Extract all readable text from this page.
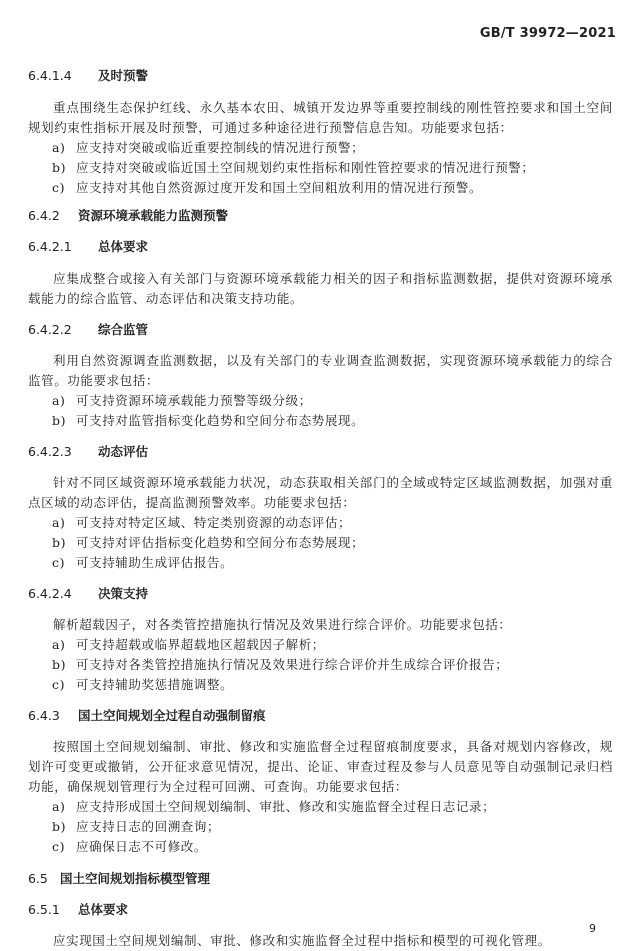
GB/T 39972—2021

6.4.1.4 及时预警

重点围绕生态保护红线、永久基本农田、城镇开发边界等重要控制线的刚性管控要求和国土空间规划约束性指标开展及时预警，可通过多种途径进行预警信息告知。功能要求包括：

a) 应支持对突破或临近重要控制线的情况进行预警；
b) 应支持对突破或临近国土空间规划约束性指标和刚性管控要求的情况进行预警；
c) 应支持对其他自然资源过度开发和国土空间粗放利用的情况进行预警。

6.4.2 资源环境承载能力监测预警

6.4.2.1 总体要求

应集成整合或接入有关部门与资源环境承载能力相关的因子和指标监测数据，提供对资源环境承载能力的综合监管、动态评估和决策支持功能。

6.4.2.2 综合监管

利用自然资源调查监测数据，以及有关部门的专业调查监测数据，实现资源环境承载能力的综合监管。功能要求包括：

a) 可支持资源环境承载能力预警等级分级；
b) 可支持对监管指标变化趋势和空间分布态势展现。

6.4.2.3 动态评估

针对不同区域资源环境承载能力状况，动态获取相关部门的全域或特定区域监测数据，加强对重点区域的动态评估，提高监测预警效率。功能要求包括：

a) 可支持对特定区域、特定类别资源的动态评估；
b) 可支持对评估指标变化趋势和空间分布态势展现；
c) 可支持辅助生成评估报告。

6.4.2.4 决策支持

解析超载因子，对各类管控措施执行情况及效果进行综合评价。功能要求包括：

a) 可支持超载或临界超载地区超载因子解析；
b) 可支持对各类管控措施执行情况及效果进行综合评价并生成综合评价报告；
c) 可支持辅助奖惩措施调整。

6.4.3 国土空间规划全过程自动强制留痕

按照国土空间规划编制、审批、修改和实施监督全过程留痕制度要求，具备对规划内容修改，规划许可变更或撤销，公开征求意见情况，提出、论证、审查过程及参与人员意见等自动强制记录归档功能，确保规划管理行为全过程可回溯、可查询。功能要求包括：

a) 应支持形成国土空间规划编制、审批、修改和实施监督全过程日志记录；
b) 应支持日志的回溯查询；
c) 应确保日志不可修改。

6.5 国土空间规划指标模型管理

6.5.1 总体要求

应实现国土空间规划编制、审批、修改和实施监督全过程中指标和模型的可视化管理。

9
